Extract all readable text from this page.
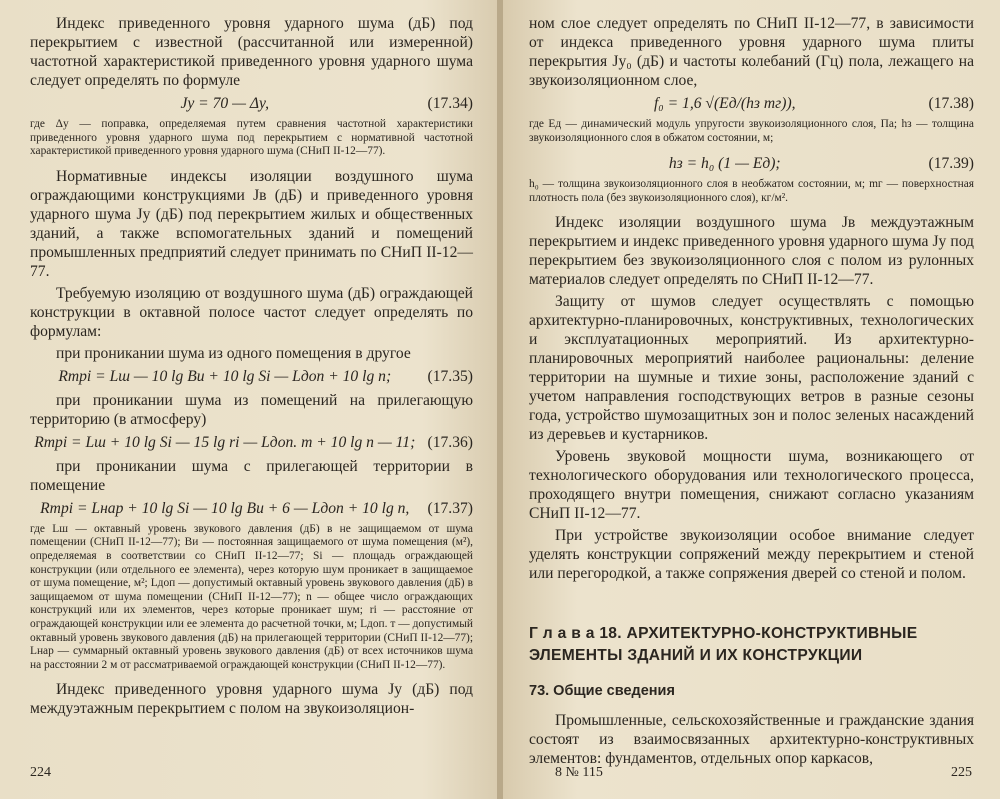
Индекс приведенного уровня ударного шума (дБ) под перекрытием с известной (рассчитанной или измеренной) частотной характеристикой приведенного уровня ударного шума следует определять по формуле

Jу = 70 — Δу,	(17.34)

где Δу — поправка, определяемая путем сравнения частотной характеристики приведенного уровня ударного шума под перекрытием с нормативной частотной характеристикой приведенного уровня ударного шума (СНиП II-12—77).

Нормативные индексы изоляции воздушного шума ограждающими конструкциями Jв (дБ) и приведенного уровня ударного шума Jу (дБ) под перекрытием жилых и общественных зданий, а также вспомогательных зданий и помещений промышленных предприятий следует принимать по СНиП II-12—77.

Требуемую изоляцию от воздушного шума (дБ) ограждающей конструкции в октавной полосе частот следует определять по формулам:

при проникании шума из одного помещения в другое

Rтрi = Lш — 10 lg Bи + 10 lg Si — Lдоп + 10 lg n;	(17.35)

при проникании шума из помещений на прилегающую территорию (в атмосферу)

Rтрi = Lш + 10 lg Si — 15 lg ri — Lдоп. т + 10 lg n — 11; (17.36)

при проникании шума с прилегающей территории в помещение

Rтрi = Lнар + 10 lg Si — 10 lg Bи + 6 — Lдоп + 10 lg n,	(17.37)

где Lш — октавный уровень звукового давления (дБ) в не защищаемом от шума помещении (СНиП II-12—77); Bи — постоянная защищаемого от шума помещения (м²), определяемая в соответствии со СНиП II-12—77; Si — площадь ограждающей конструкции (или отдельного ее элемента), через которую шум проникает в защищаемое от шума помещение, м²; Lдоп — допустимый октавный уровень звукового давления (дБ) в защищаемом от шума помещении (СНиП II-12—77); n — общее число ограждающих конструкций или их элементов, через которые проникает шум; ri — расстояние от ограждающей конструкции или ее элемента до расчетной точки, м; Lдоп. т — допустимый октавный уровень звукового давления (дБ) на прилегающей территории (СНиП II-12—77); Lнар — суммарный октавный уровень звукового давления (дБ) от всех источников шума на расстоянии 2 м от рассматриваемой ограждающей конструкции (СНиП II-12—77).

Индекс приведенного уровня ударного шума Jу (дБ) под междуэтажным перекрытием с полом на звукоизоляцион-

224

ном слое следует определять по СНиП II-12—77, в зависимости от индекса приведенного уровня ударного шума плиты перекрытия Jу₀ (дБ) и частоты колебаний (Гц) пола, лежащего на звукоизоляционном слое,

f₀ = 1,6 √(Eд/(hз mг)),	(17.38)

где Eд — динамический модуль упругости звукоизоляционного слоя, Па; hз — толщина звукоизоляционного слоя в обжатом состоянии, м;

hз = h₀ (1 — Eд);	(17.39)

h₀ — толщина звукоизоляционного слоя в необжатом состоянии, м; mг — поверхностная плотность пола (без звукоизоляционного слоя), кг/м².

Индекс изоляции воздушного шума Jв междуэтажным перекрытием и индекс приведенного уровня ударного шума Jу под перекрытием без звукоизоляционного слоя с полом из рулонных материалов следует определять по СНиП II-12—77.

Защиту от шумов следует осуществлять с помощью архитектурно-планировочных, конструктивных, технологических и эксплуатационных мероприятий. Из архитектурно-планировочных мероприятий наиболее рациональны: деление территории на шумные и тихие зоны, расположение зданий с учетом направления господствующих ветров в разные сезоны года, устройство шумозащитных зон и полос зеленых насаждений из деревьев и кустарников.

Уровень звуковой мощности шума, возникающего от технологического оборудования или технологического процесса, проходящего внутри помещения, снижают согласно указаниям СНиП II-12—77.

При устройстве звукоизоляции особое внимание следует уделять конструкции сопряжений между перекрытием и стеной или перегородкой, а также сопряжения дверей со стеной и полом.

Г л а в а 18. АРХИТЕКТУРНО-КОНСТРУКТИВНЫЕ ЭЛЕМЕНТЫ ЗДАНИЙ И ИХ КОНСТРУКЦИИ

73. Общие сведения

Промышленные, сельскохозяйственные и гражданские здания состоят из взаимосвязанных архитектурно-конструктивных элементов: фундаментов, отдельных опор каркасов,

8 № 115	225
